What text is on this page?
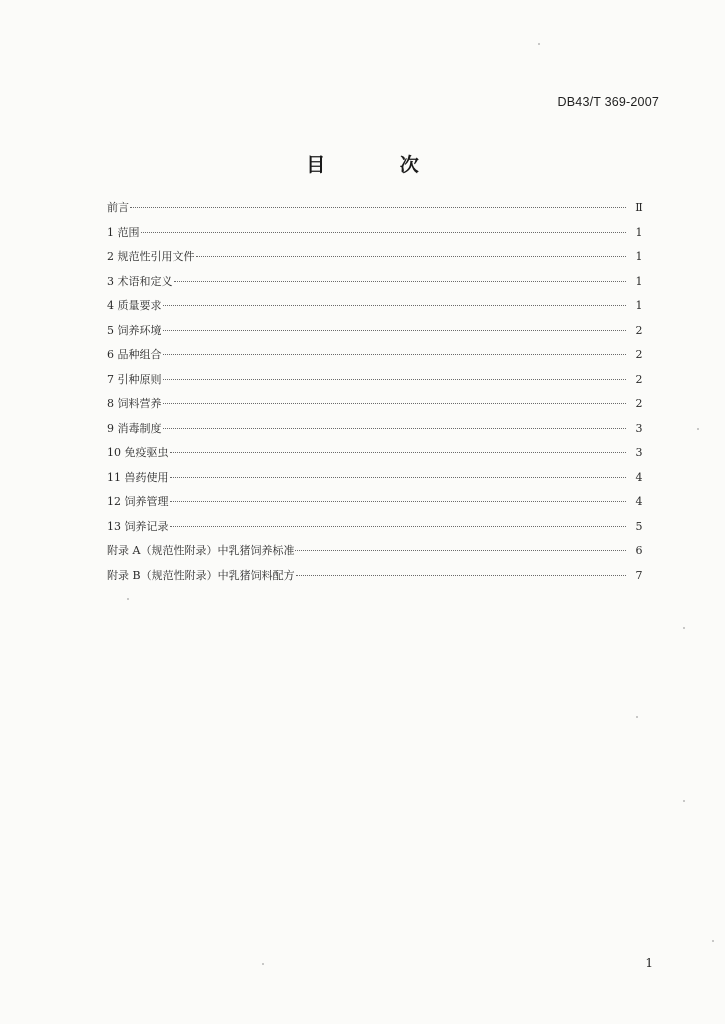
DB43/T 369-2007
目 次
前言	Ⅱ
1 范围	1
2 规范性引用文件	1
3 术语和定义	1
4 质量要求	1
5 饲养环境	2
6 品种组合	2
7 引种原则	2
8 饲料营养	2
9 消毒制度	3
10 免疫驱虫	3
11 兽药使用	4
12 饲养管理	4
13 饲养记录	5
附录 A（规范性附录）中乳猪饲养标准	6
附录 B（规范性附录）中乳猪饲料配方	7
1
